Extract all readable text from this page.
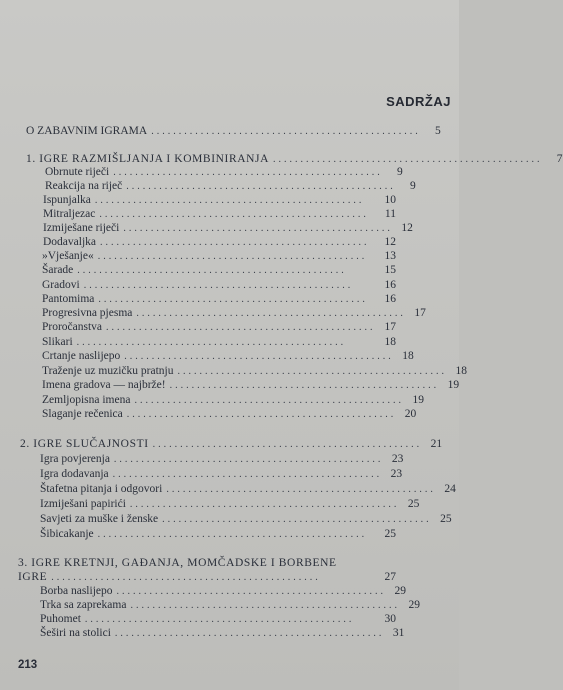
SADRŽAJ
O ZABAVNIM IGRAMA .................................................	5
1. IGRE RAZMIŠLJANJA I KOMBINIRANJA .................................................	7
Obrnute riječi .................................................	9
Reakcija na riječ .................................................	9
Ispunjalka .................................................	10
Mitraljezac .................................................	11
Izmiješane riječi ................................................. 12
Dodavaljka .................................................	12
»Vješanje« .................................................	13
Šarade .................................................	15
Gradovi .................................................	16
Pantomima .................................................	16
Progresivna pjesma ................................................. 17
Proročanstva ................................................. 17
Slikari .................................................	18
Crtanje naslijepo ................................................. 18
Traženje uz muzičku pratnju ................................................. 18
Imena gradova — najbrže! ................................................. 19
Zemljopisna imena ................................................. 19
Slaganje rečenica ................................................. 20
2. IGRE SLUČAJNOSTI ................................................. 21
Igra povjerenja ................................................. 23
Igra dodavanja ................................................. 23
Štafetna pitanja i odgovori ................................................. 24
Izmiješani papirići ................................................. 25
Savjeti za muške i ženske ................................................. 25
Šibicakanje .................................................	25
3. IGRE KRETNJI, GAĐANJA, MOMČADSKE I BORBENE
IGRE .................................................	27
Borba naslijepo ................................................. 29
Trka sa zaprekama ................................................. 29
Puhomet .................................................	30
Šeširi na stolici ................................................. 31
213
